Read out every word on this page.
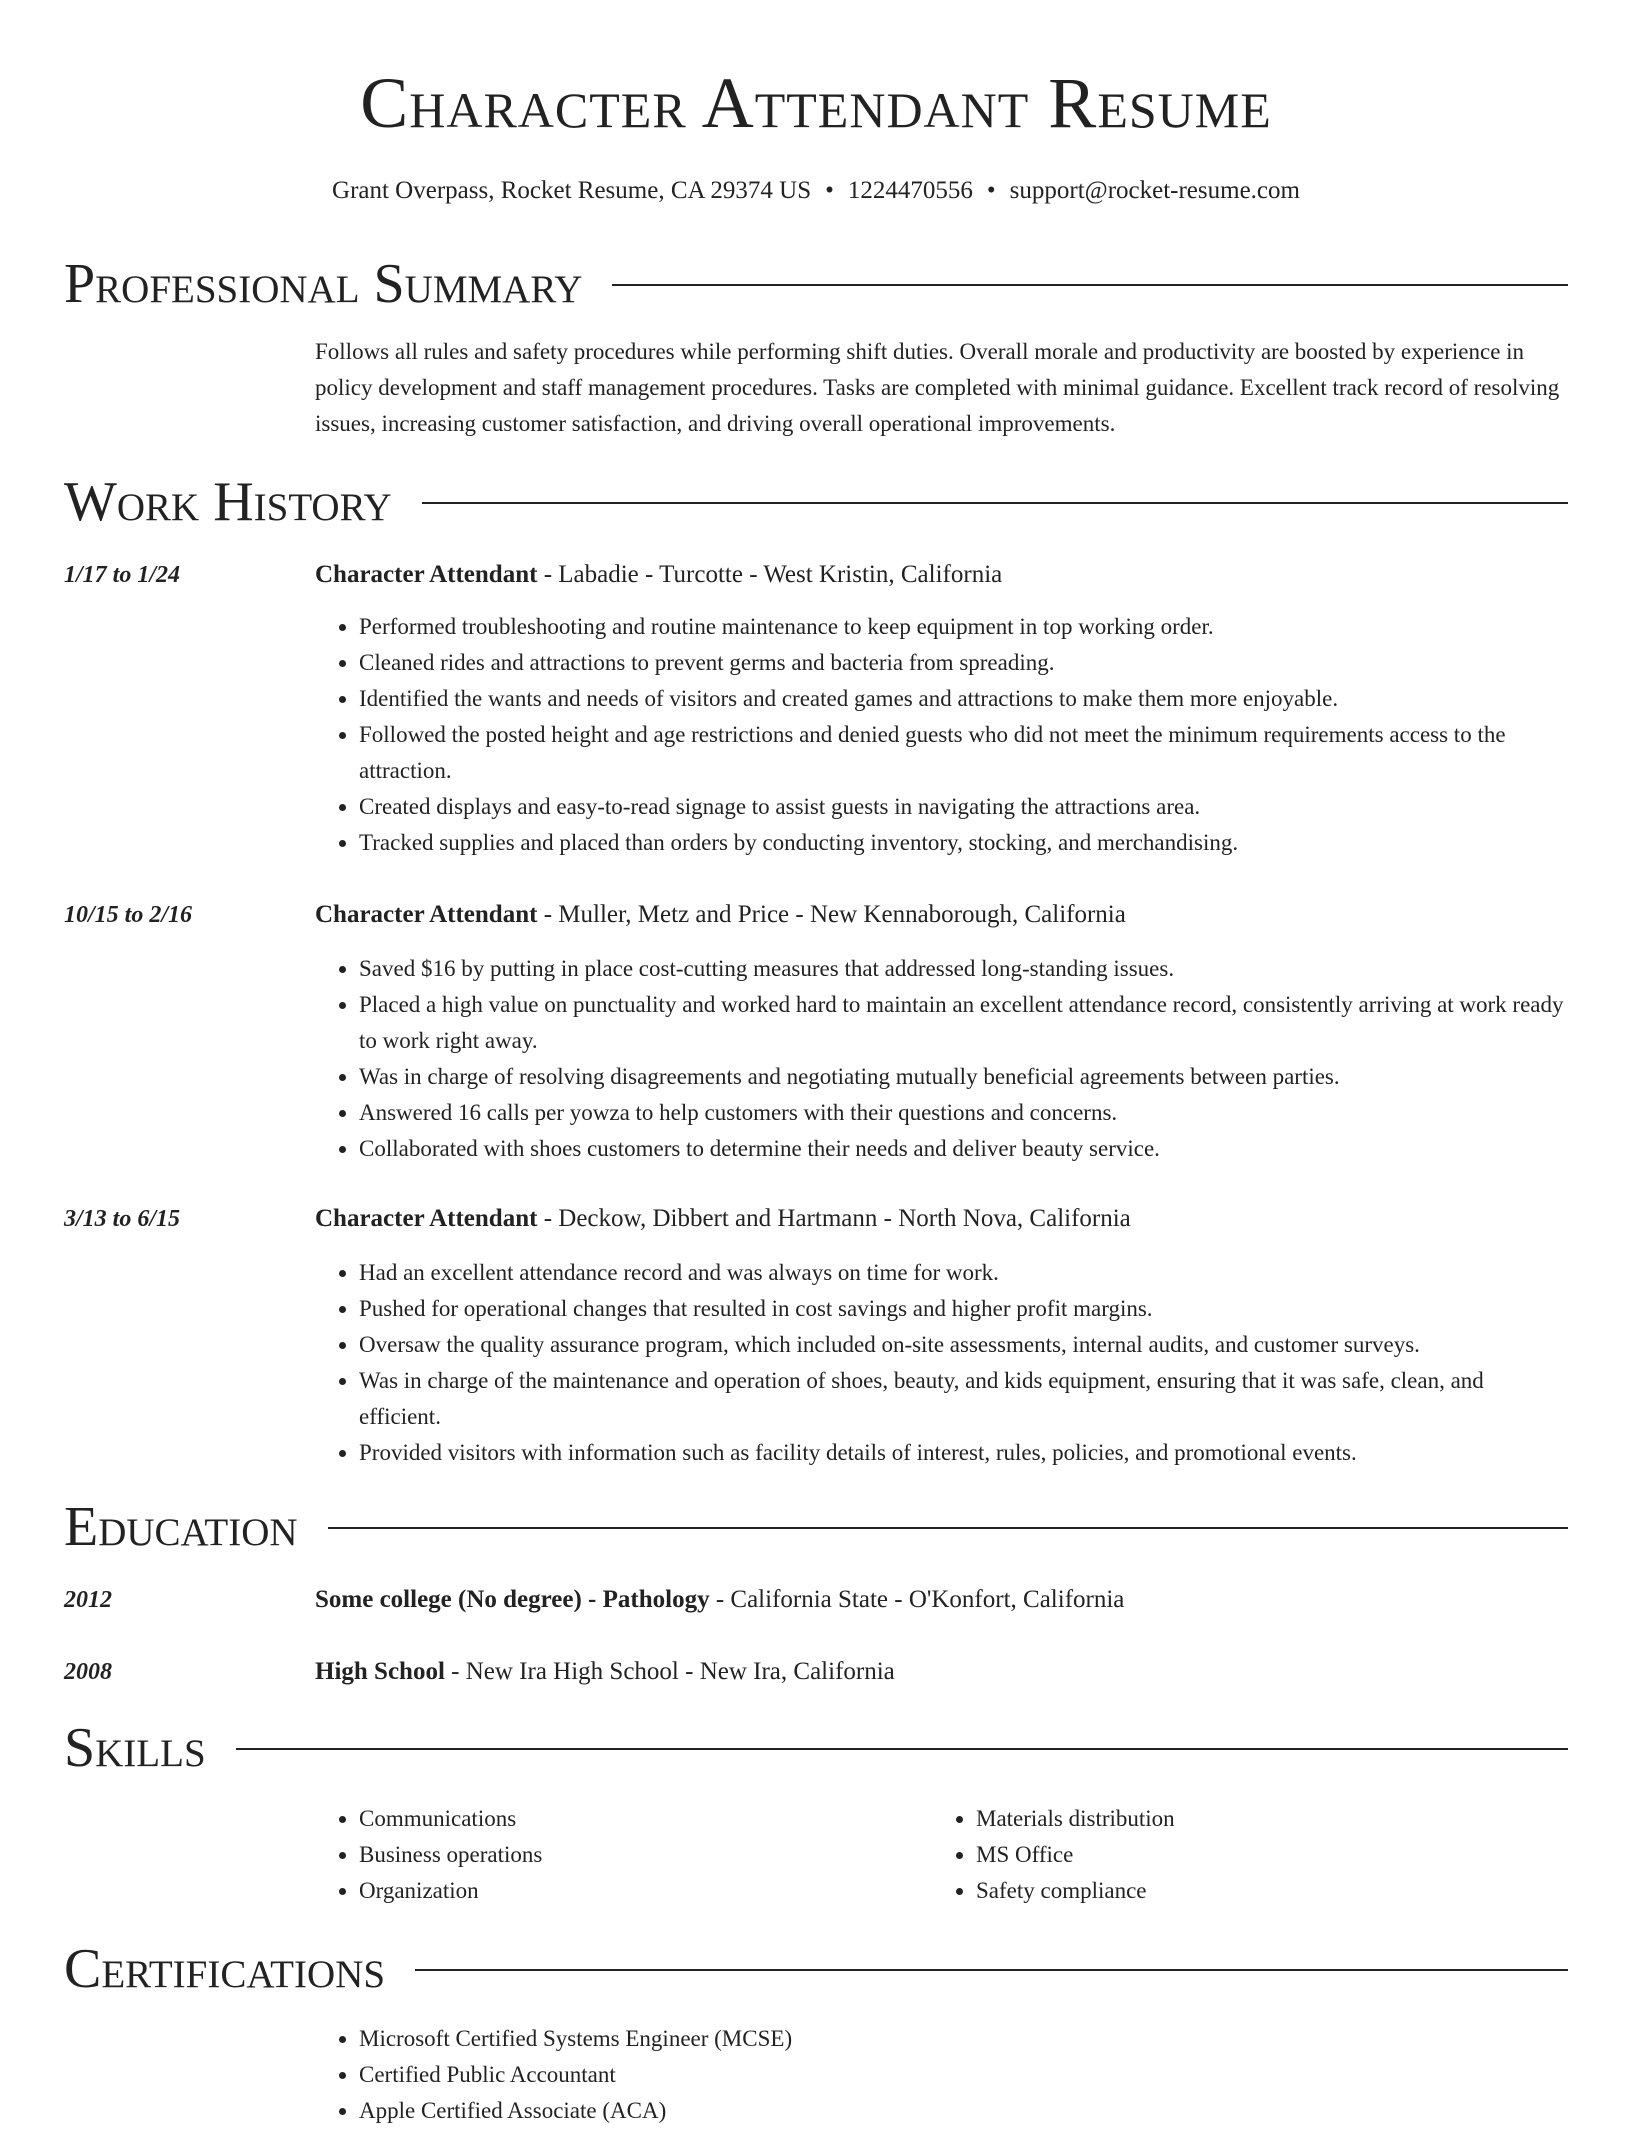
Character Attendant Resume
Grant Overpass, Rocket Resume, CA 29374 US • 1224470556 • support@rocket-resume.com
Professional Summary

Follows all rules and safety procedures while performing shift duties. Overall morale and productivity are boosted by experience in policy development and staff management procedures. Tasks are completed with minimal guidance. Excellent track record of resolving issues, increasing customer satisfaction, and driving overall operational improvements.

Work History
1/17 to 1/24	Character Attendant - Labadie - Turcotte - West Kristin, California
• Performed troubleshooting and routine maintenance to keep equipment in top working order.
• Cleaned rides and attractions to prevent germs and bacteria from spreading.
• Identified the wants and needs of visitors and created games and attractions to make them more enjoyable.
• Followed the posted height and age restrictions and denied guests who did not meet the minimum requirements access to the attraction.
• Created displays and easy-to-read signage to assist guests in navigating the attractions area.
• Tracked supplies and placed than orders by conducting inventory, stocking, and merchandising.
10/15 to 2/16	Character Attendant - Muller, Metz and Price - New Kennaborough, California
• Saved $16 by putting in place cost-cutting measures that addressed long-standing issues.
• Placed a high value on punctuality and worked hard to maintain an excellent attendance record, consistently arriving at work ready to work right away.
• Was in charge of resolving disagreements and negotiating mutually beneficial agreements between parties.
• Answered 16 calls per yowza to help customers with their questions and concerns.
• Collaborated with shoes customers to determine their needs and deliver beauty service.
3/13 to 6/15	Character Attendant - Deckow, Dibbert and Hartmann - North Nova, California
• Had an excellent attendance record and was always on time for work.
• Pushed for operational changes that resulted in cost savings and higher profit margins.
• Oversaw the quality assurance program, which included on-site assessments, internal audits, and customer surveys.
• Was in charge of the maintenance and operation of shoes, beauty, and kids equipment, ensuring that it was safe, clean, and efficient.
• Provided visitors with information such as facility details of interest, rules, policies, and promotional events.
Education
2012	Some college (No degree) - Pathology - California State - O'Konfort, California
2008	High School - New Ira High School - New Ira, California
Skills
• Communications
• Business operations
• Organization
• Materials distribution
• MS Office
• Safety compliance
Certifications
• Microsoft Certified Systems Engineer (MCSE)
• Certified Public Accountant
• Apple Certified Associate (ACA)
